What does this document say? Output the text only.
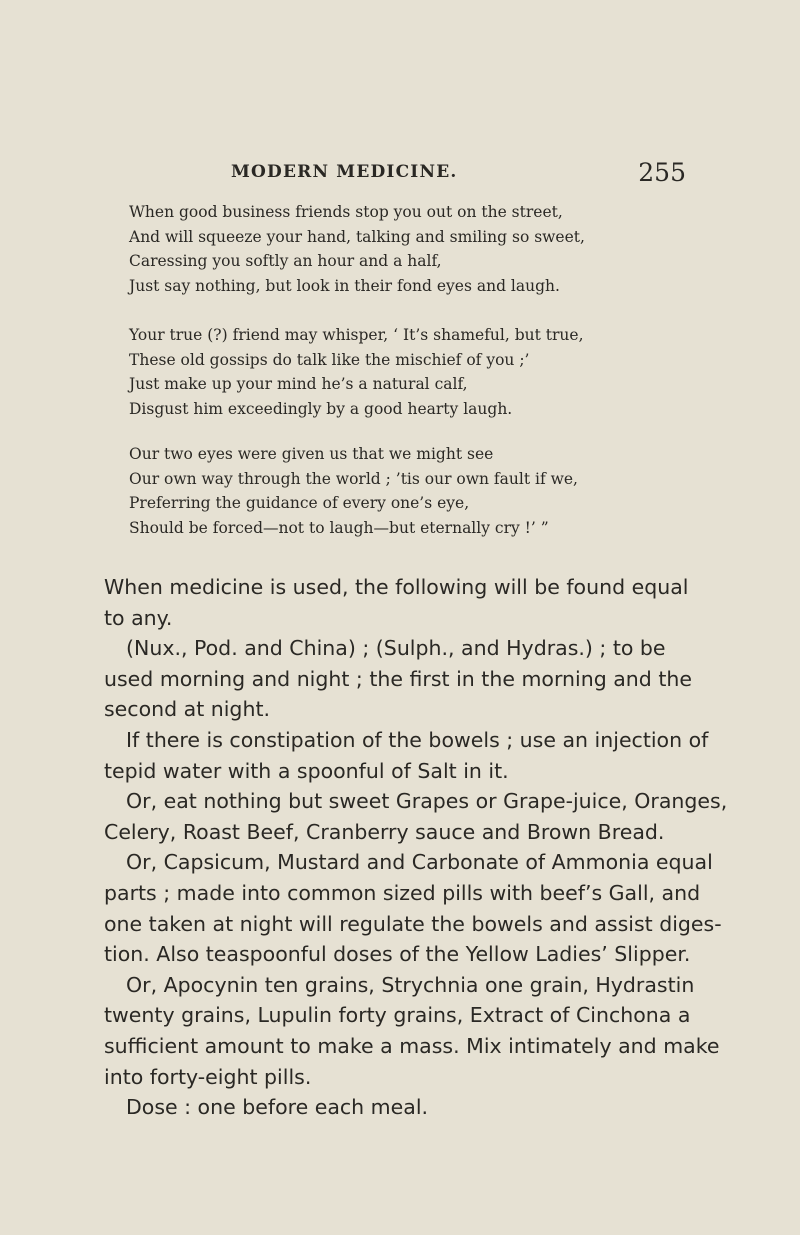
MODERN MEDICINE.	255
When good business friends stop you out on the street,
And will squeeze your hand, talking and smiling so sweet,
Caressing you softly an hour and a half,
Just say nothing, but look in their fond eyes and laugh.
Your true (?) friend may whisper, ‘ It’s shameful, but true,
These old gossips do talk like the mischief of you ;’
Just make up your mind he’s a natural calf,
Disgust him exceedingly by a good hearty laugh.
Our two eyes were given us that we might see
Our own way through the world ; ’tis our own fault if we,
Preferring the guidance of every one’s eye,
Should be forced—not to laugh—but eternally cry !’ ”
When medicine is used, the following will be found equal
to any.
(Nux., Pod. and China) ; (Sulph., and Hydras.) ; to be
used morning and night ; the first in the morning and the
second at night.
If there is constipation of the bowels ; use an injection of
tepid water with a spoonful of Salt in it.
Or, eat nothing but sweet Grapes or Grape-juice, Oranges,
Celery, Roast Beef, Cranberry sauce and Brown Bread.
Or, Capsicum, Mustard and Carbonate of Ammonia equal
parts ; made into common sized pills with beef’s Gall, and
one taken at night will regulate the bowels and assist diges-
tion. Also teaspoonful doses of the Yellow Ladies’ Slipper.
Or, Apocynin ten grains, Strychnia one grain, Hydrastin
twenty grains, Lupulin forty grains, Extract of Cinchona a
sufficient amount to make a mass. Mix intimately and make
into forty-eight pills.
Dose : one before each meal.
